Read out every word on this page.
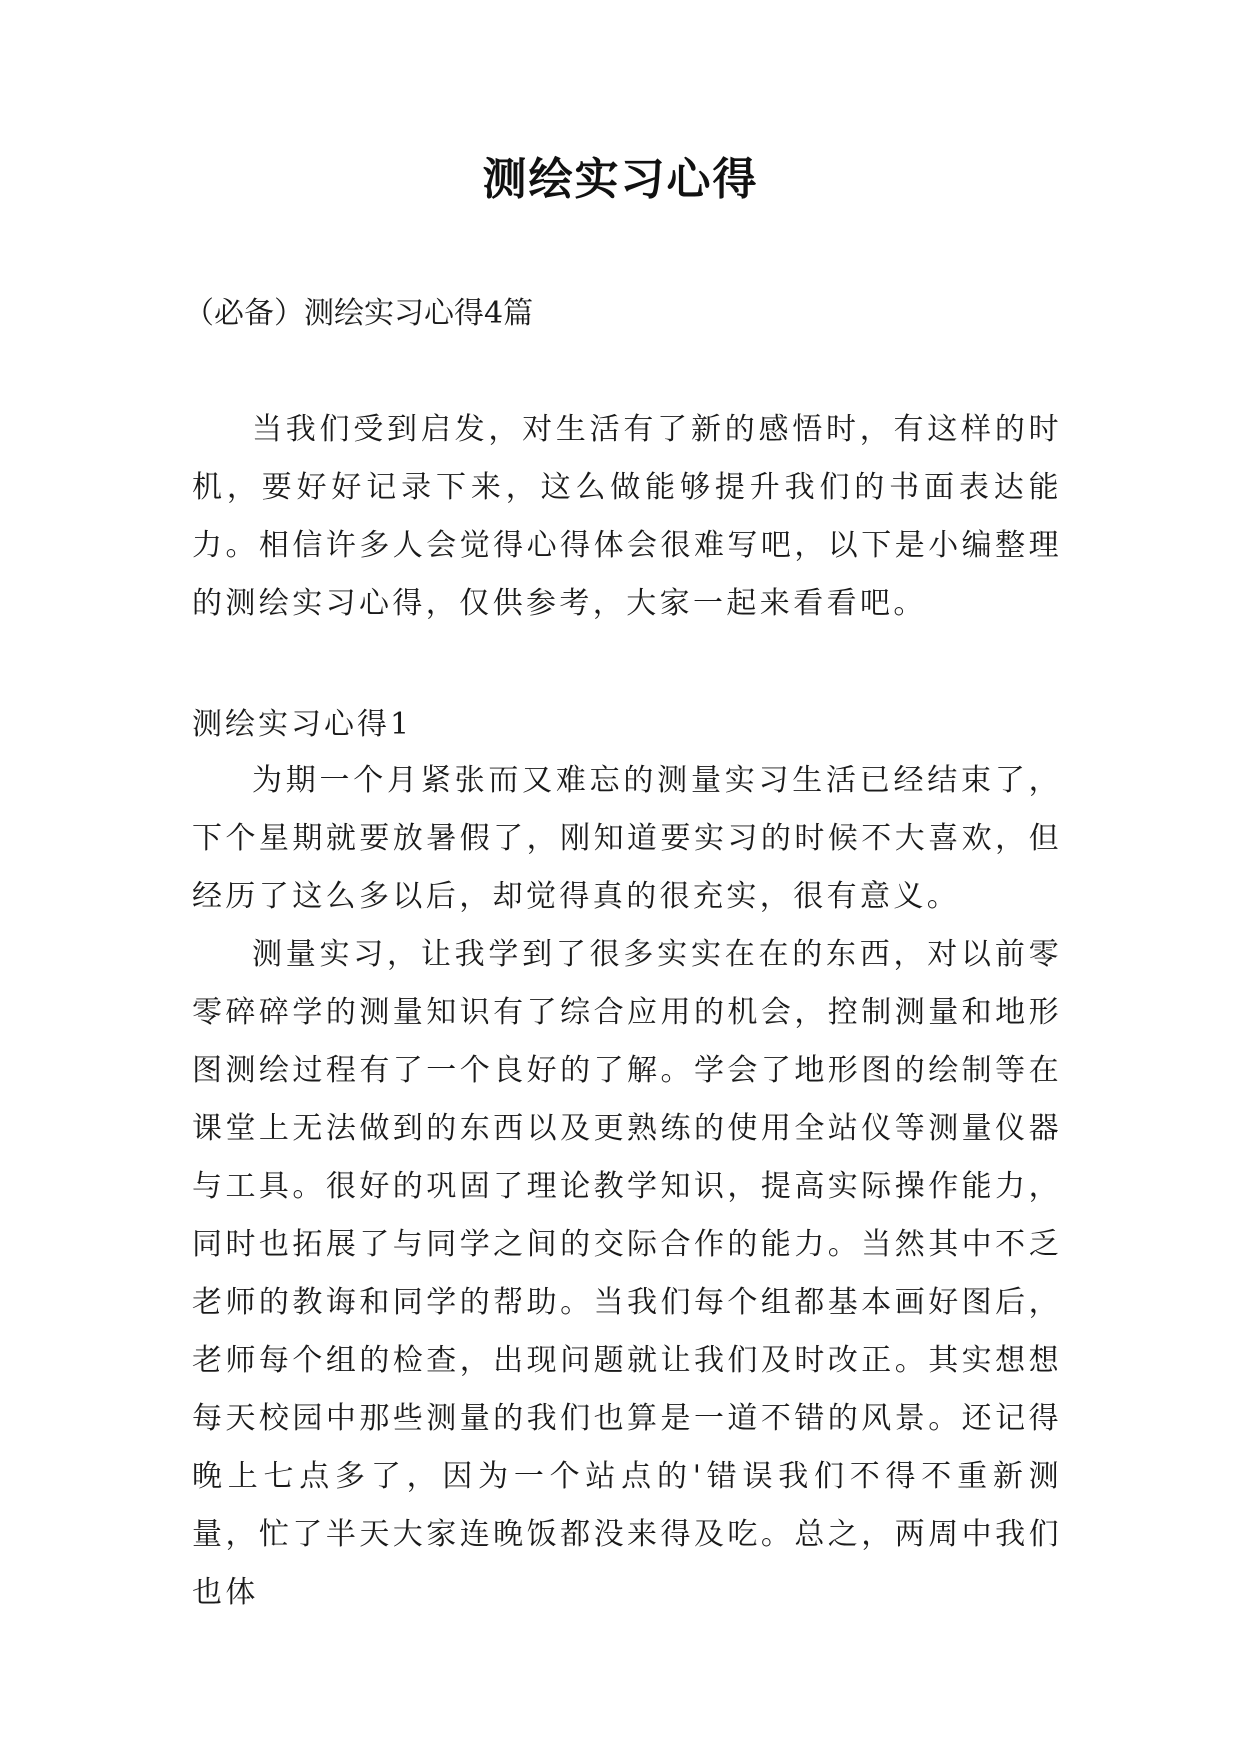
测绘实习心得
（必备）测绘实习心得4篇

当我们受到启发，对生活有了新的感悟时，有这样的时机，要好好记录下来，这么做能够提升我们的书面表达能力。相信许多人会觉得心得体会很难写吧，以下是小编整理的测绘实习心得，仅供参考，大家一起来看看吧。

测绘实习心得1

为期一个月紧张而又难忘的测量实习生活已经结束了，下个星期就要放暑假了，刚知道要实习的时候不大喜欢，但经历了这么多以后，却觉得真的很充实，很有意义。

测量实习，让我学到了很多实实在在的东西，对以前零零碎碎学的测量知识有了综合应用的机会，控制测量和地形图测绘过程有了一个良好的了解。学会了地形图的绘制等在课堂上无法做到的东西以及更熟练的使用全站仪等测量仪器与工具。很好的巩固了理论教学知识，提高实际操作能力，同时也拓展了与同学之间的交际合作的能力。当然其中不乏老师的教诲和同学的帮助。当我们每个组都基本画好图后，老师每个组的检查，出现问题就让我们及时改正。其实想想每天校园中那些测量的我们也算是一道不错的风景。还记得晚上七点多了，因为一个站点的'错误我们不得不重新测量，忙了半天大家连晚饭都没来得及吃。总之，两周中我们也体
